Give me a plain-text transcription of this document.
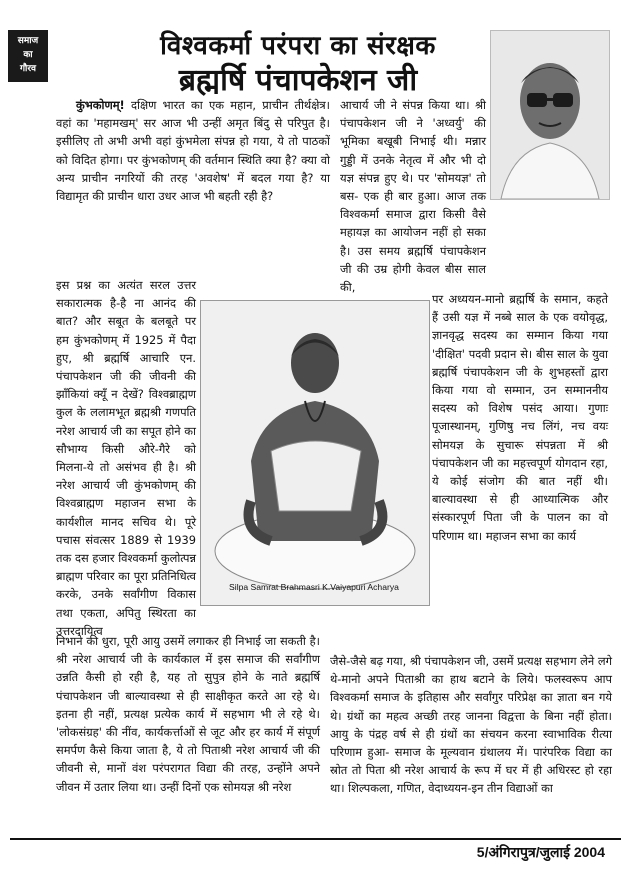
समाज
का
गौरव
विश्वकर्मा परंपरा का संरक्षक
ब्रह्मर्षि पंचापकेशन जी
कुंभकोणम्! दक्षिण भारत का एक महान, प्राचीन तीर्थक्षेत्र। वहां का 'महामखम्' सर आज भी उन्हीं अमृत बिंदु से परिपुत है। इसीलिए तो अभी अभी वहां कुंभमेला संपन्न हो गया, ये तो पाठकों को विदित होगा। पर कुंभकोणम् की वर्तमान स्थिति क्या है? क्या वो अन्य प्राचीन नगरियों की तरह 'अवशेष' में बदल गया है? या विद्यामृत की प्राचीन धारा उधर आज भी बहती रही है?
इस प्रश्न का अत्यंत सरल उत्तर सकारात्मक है-है ना आनंद की बात? और सबूत के बलबूते पर हम कुंभकोणम् में 1925 में पैदा हुए, श्री ब्रह्मर्षि आचारि एन. पंचापकेशन जी की जीवनी की झाँकियां क्यूँ न देखें? विश्वब्राह्मण कुल के ललामभूत ब्रह्मश्री गणपति नरेश आचार्य जी का सपूत होने का सौभाग्य किसी औरे-गैरे को मिलना-ये तो असंभव ही है। श्री नरेश आचार्य जी कुंभकोणम् की विश्वब्राह्मण महाजन सभा के कार्यशील मानद सचिव थे। पूरे पचास संवत्सर 1889 से 1939 तक दस हजार विश्वकर्मा कुलोत्पन्न ब्राह्मण परिवार का पूरा प्रतिनिधित्व करके, उनके सर्वांगीण विकास तथा एकता, अपितु स्थिरता का उत्तरदायित्व
निभाने की धुरा, पूरी आयु उसमें लगाकर ही निभाई जा सकती है। श्री नरेश आचार्य जी के कार्यकाल में इस समाज की सर्वांगीण उन्नति कैसी हो रही है, यह तो सुपुत्र होने के नाते ब्रह्मर्षि पंचापकेशन जी बाल्यावस्था से ही साक्षीकृत करते आ रहे थे। इतना ही नहीं, प्रत्यक्ष प्रत्येक कार्य में सहभाग भी ले रहे थे। 'लोकसंग्रह' की नींव, कार्यकर्त्ताओं से जूट और हर कार्य में संपूर्ण समर्पण कैसे किया जाता है, ये तो पिताश्री नरेश आचार्य जी की जीवनी से, मानों वंश परंपरागत विद्या की तरह, उन्होंने अपने जीवन में उतार लिया था। उन्हीं दिनों एक सोमयज्ञ श्री नरेश
आचार्य जी ने संपन्न किया था। श्री पंचापकेशन जी ने 'अध्वर्यु' की भूमिका बखूबी निभाई थी। मन्नार गुड्डी में उनके नेतृत्व में और भी दो यज्ञ संपन्न हुए थे। पर 'सोमयज्ञ' तो बस- एक ही बार हुआ। आज तक विश्वकर्मा समाज द्वारा किसी वैसे महायज्ञ का आयोजन नहीं हो सका है। उस समय ब्रह्मर्षि पंचापकेशन जी की उम्र होगी केवल बीस साल की,
पर अध्ययन-मानो ब्रह्मर्षि के समान, कहते हैं उसी यज्ञ में नब्बे साल के एक वयोवृद्ध, ज्ञानवृद्ध सदस्य का सम्मान किया गया 'दीक्षित' पदवी प्रदान से। बीस साल के युवा ब्रह्मर्षि पंचापकेशन जी के शुभहस्तों द्वारा किया गया वो सम्मान, उन सम्माननीय सदस्य को विशेष पसंद आया। गुणाः पूजास्थानम्, गुणिषु नच लिंगं, नच वयः सोमयज्ञ के सुचारू संपन्नता में श्री पंचापकेशन जी का महत्त्वपूर्ण योगदान रहा, ये कोई संजोग की बात नहीं थी। बाल्यावस्था से ही आध्यात्मिक और संस्कारपूर्ण पिता जी के पालन का वो परिणाम था। महाजन सभा का कार्य
जैसे-जैसे बढ़ गया, श्री पंचापकेशन जी, उसमें प्रत्यक्ष सहभाग लेने लगे थे-मानो अपने पिताश्री का हाथ बटाने के लिये। फलस्वरूप आप विश्वकर्मा समाज के इतिहास और सर्वांगुर परिप्रेक्ष का ज्ञाता बन गये थे। ग्रंथों का महत्व अच्छी तरह जानना विद्वत्ता के बिना नहीं होता। आयु के पंद्रह वर्ष से ही ग्रंथों का संचयन करना स्वाभाविक रीत्या परिणाम हुआ- समाज के मूल्यवान ग्रंथालय में। पारंपरिक विद्या का स्रोत तो पिता श्री नरेश आचार्य के रूप में घर में ही अधिरस्ट हो रहा था। शिल्पकला, गणित, वेदाध्ययन-इन तीन विद्याओं का
Silpa Samrat Brahmasri K.Vaiyapuri Acharya
5/अंगिरापुत्र/जुलाई 2004
